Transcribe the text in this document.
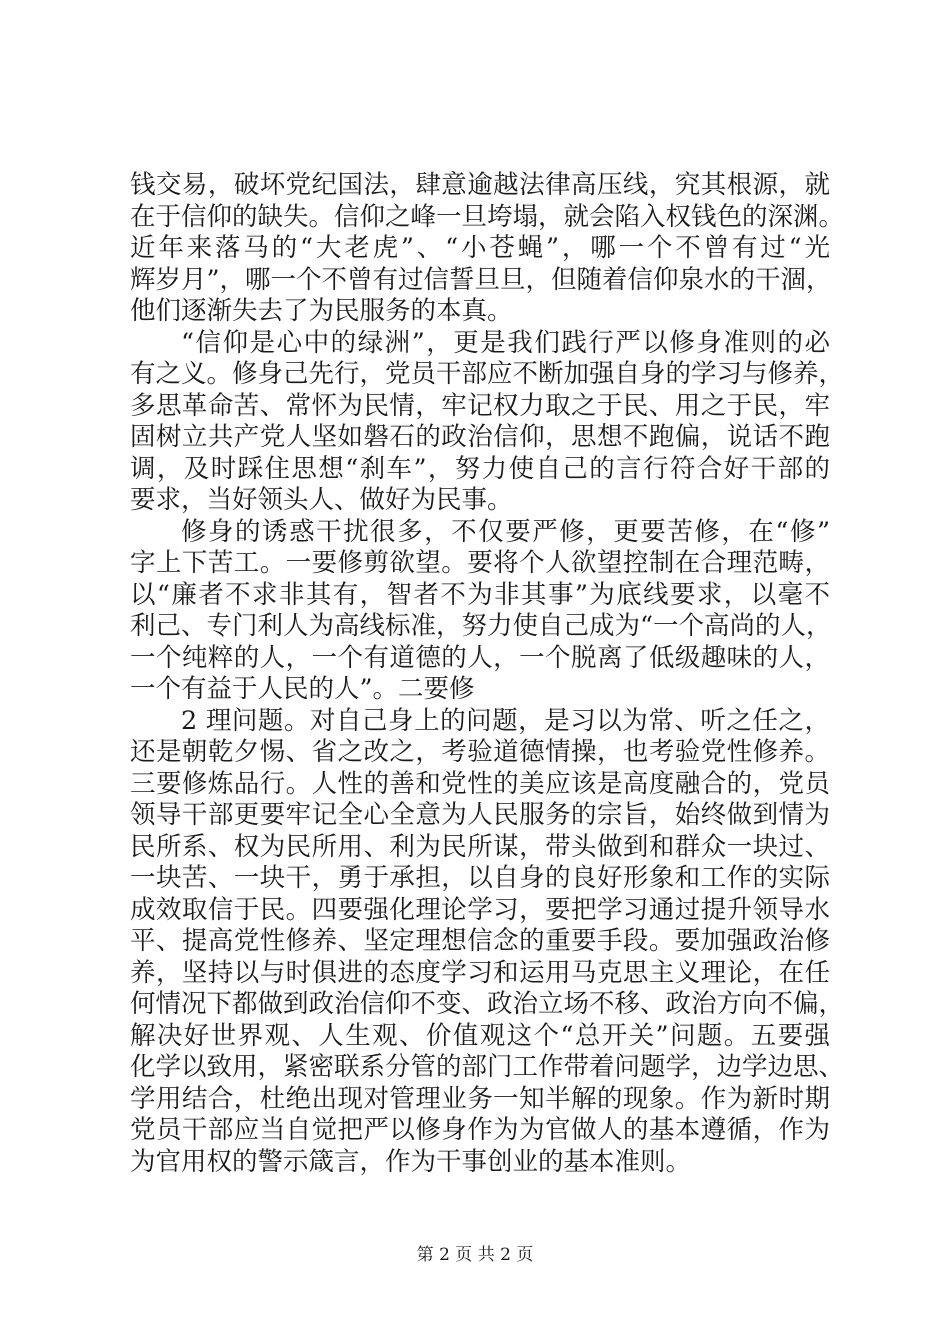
钱交易，破坏党纪国法，肆意逾越法律高压线，究其根源，就
在于信仰的缺失。信仰之峰一旦垮塌，就会陷入权钱色的深渊。
近年来落马的“大老虎”、“小苍蝇”，哪一个不曾有过“光
辉岁月”，哪一个不曾有过信誓旦旦，但随着信仰泉水的干涸，
他们逐渐失去了为民服务的本真。
“信仰是心中的绿洲”，更是我们践行严以修身准则的必
有之义。修身己先行，党员干部应不断加强自身的学习与修养，
多思革命苦、常怀为民情，牢记权力取之于民、用之于民，牢
固树立共产党人坚如磐石的政治信仰，思想不跑偏，说话不跑
调，及时踩住思想“刹车”，努力使自己的言行符合好干部的
要求，当好领头人、做好为民事。
修身的诱惑干扰很多，不仅要严修，更要苦修，在“修”
字上下苦工。一要修剪欲望。要将个人欲望控制在合理范畴，
以“廉者不求非其有，智者不为非其事”为底线要求，以毫不
利己、专门利人为高线标准，努力使自己成为“一个高尚的人，
一个纯粹的人，一个有道德的人，一个脱离了低级趣味的人，
一个有益于人民的人”。二要修
2 理问题。对自己身上的问题，是习以为常、听之任之，
还是朝乾夕惕、省之改之，考验道德情操，也考验党性修养。
三要修炼品行。人性的善和党性的美应该是高度融合的，党员
领导干部更要牢记全心全意为人民服务的宗旨，始终做到情为
民所系、权为民所用、利为民所谋，带头做到和群众一块过、
一块苦、一块干，勇于承担，以自身的良好形象和工作的实际
成效取信于民。四要强化理论学习，要把学习通过提升领导水
平、提高党性修养、坚定理想信念的重要手段。要加强政治修
养，坚持以与时俱进的态度学习和运用马克思主义理论，在任
何情况下都做到政治信仰不变、政治立场不移、政治方向不偏，
解决好世界观、人生观、价值观这个“总开关”问题。五要强
化学以致用，紧密联系分管的部门工作带着问题学，边学边思、
学用结合，杜绝出现对管理业务一知半解的现象。作为新时期
党员干部应当自觉把严以修身作为为官做人的基本遵循，作为
为官用权的警示箴言，作为干事创业的基本准则。
第 2 页 共 2 页
